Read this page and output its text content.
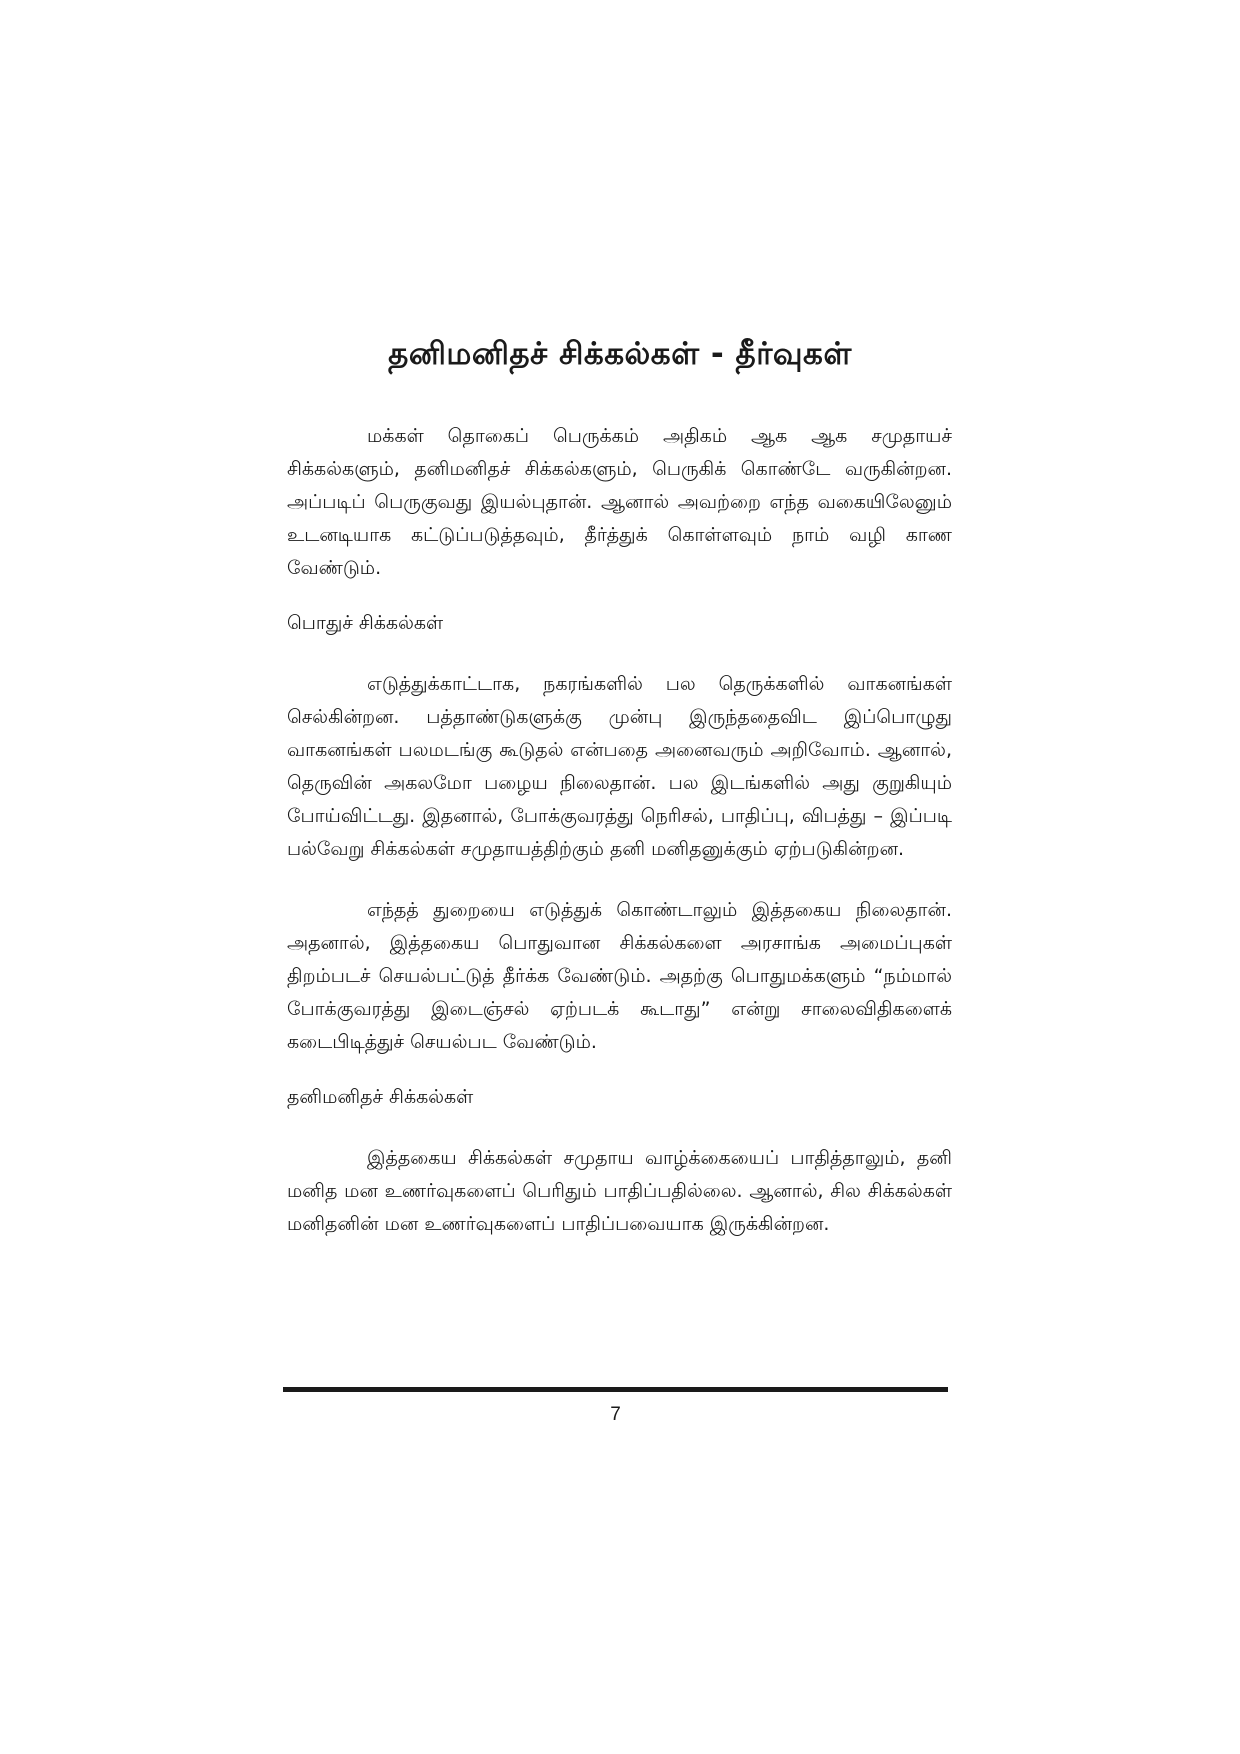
தனிமனிதச் சிக்கல்கள் - தீர்வுகள்

மக்கள் தொகைப் பெருக்கம் அதிகம் ஆக ஆக சமுதாயச் சிக்கல்களும், தனிமனிதச் சிக்கல்களும், பெருகிக் கொண்டே வருகின்றன. அப்படிப் பெருகுவது இயல்புதான். ஆனால் அவற்றை எந்த வகையிலேனும் உடனடியாக கட்டுப்படுத்தவும், தீர்த்துக் கொள்ளவும் நாம் வழி காண வேண்டும்.

பொதுச் சிக்கல்கள்

எடுத்துக்காட்டாக, நகரங்களில் பல தெருக்களில் வாகனங்கள் செல்கின்றன. பத்தாண்டுகளுக்கு முன்பு இருந்ததைவிட இப்பொழுது வாகனங்கள் பலமடங்கு கூடுதல் என்பதை அனைவரும் அறிவோம். ஆனால், தெருவின் அகலமோ பழைய நிலைதான். பல இடங்களில் அது குறுகியும் போய்விட்டது. இதனால், போக்குவரத்து நெரிசல், பாதிப்பு, விபத்து – இப்படி பல்வேறு சிக்கல்கள் சமுதாயத்திற்கும் தனி மனிதனுக்கும் ஏற்படுகின்றன.

எந்தத் துறையை எடுத்துக் கொண்டாலும் இத்தகைய நிலைதான். அதனால், இத்தகைய பொதுவான சிக்கல்களை அரசாங்க அமைப்புகள் திறம்படச் செயல்பட்டுத் தீர்க்க வேண்டும். அதற்கு பொதுமக்களும் “நம்மால் போக்குவரத்து இடைஞ்சல் ஏற்படக் கூடாது” என்று சாலைவிதிகளைக் கடைபிடித்துச் செயல்பட வேண்டும்.

தனிமனிதச் சிக்கல்கள்

இத்தகைய சிக்கல்கள் சமுதாய வாழ்க்கையைப் பாதித்தாலும், தனி மனித மன உணர்வுகளைப் பெரிதும் பாதிப்பதில்லை. ஆனால், சில சிக்கல்கள் மனிதனின் மன உணர்வுகளைப் பாதிப்பவையாக இருக்கின்றன.

7
